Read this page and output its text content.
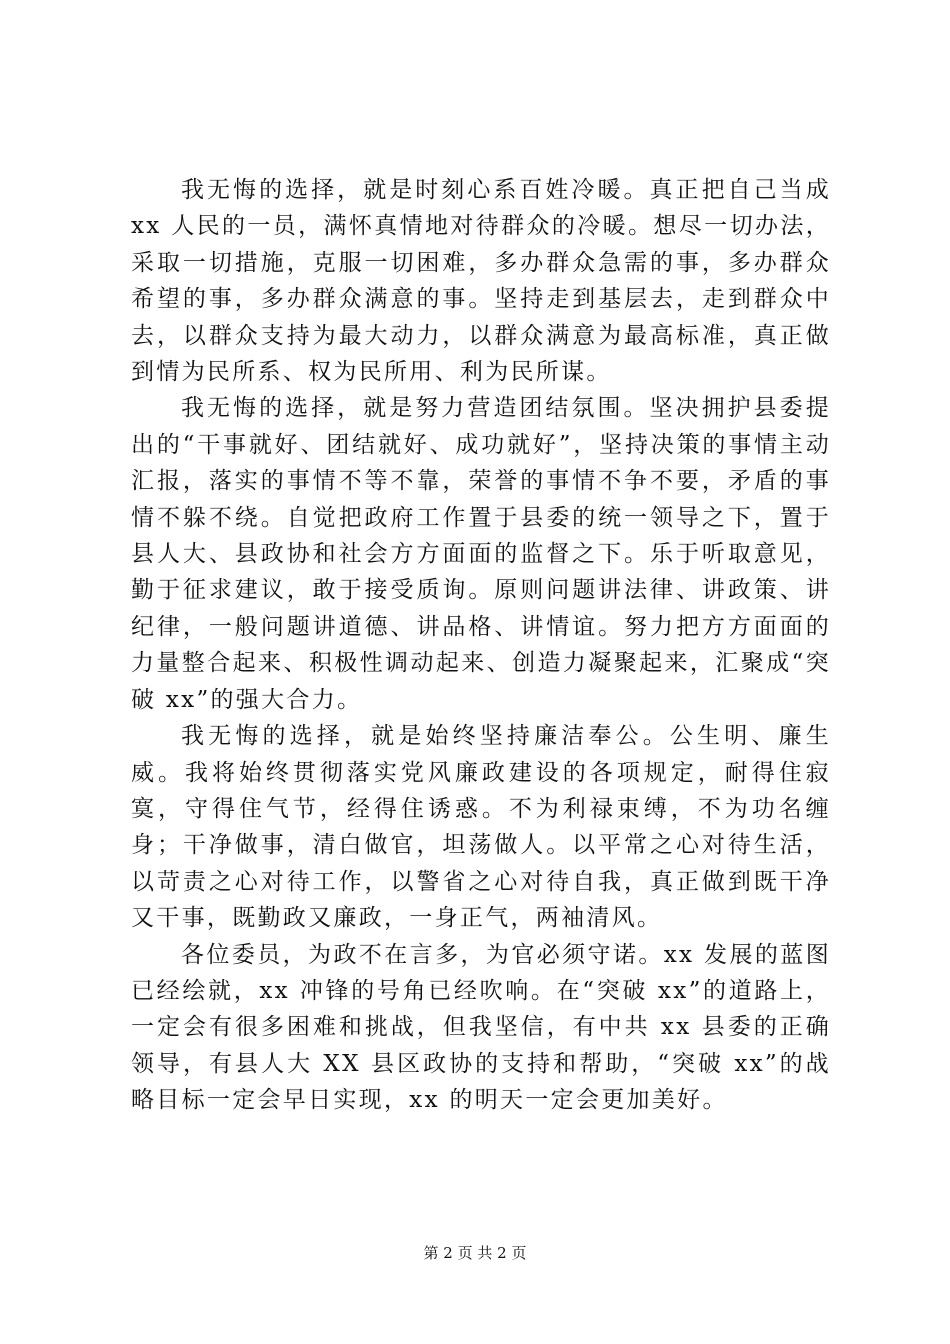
我无悔的选择，就是时刻心系百姓冷暖。真正把自己当成 xx 人民的一员，满怀真情地对待群众的冷暖。想尽一切办法，采取一切措施，克服一切困难，多办群众急需的事，多办群众希望的事，多办群众满意的事。坚持走到基层去，走到群众中去，以群众支持为最大动力，以群众满意为最高标准，真正做到情为民所系、权为民所用、利为民所谋。

我无悔的选择，就是努力营造团结氛围。坚决拥护县委提出的“干事就好、团结就好、成功就好”，坚持决策的事情主动汇报，落实的事情不等不靠，荣誉的事情不争不要，矛盾的事情不躲不绕。自觉把政府工作置于县委的统一领导之下，置于县人大、县政协和社会方方面面的监督之下。乐于听取意见，勤于征求建议，敢于接受质询。原则问题讲法律、讲政策、讲纪律，一般问题讲道德、讲品格、讲情谊。努力把方方面面的力量整合起来、积极性调动起来、创造力凝聚起来，汇聚成“突破 xx”的强大合力。

我无悔的选择，就是始终坚持廉洁奉公。公生明、廉生威。我将始终贯彻落实党风廉政建设的各项规定，耐得住寂寞，守得住气节，经得住诱惑。不为利禄束缚，不为功名缠身；干净做事，清白做官，坦荡做人。以平常之心对待生活，以苛责之心对待工作，以警省之心对待自我，真正做到既干净又干事，既勤政又廉政，一身正气，两袖清风。

各位委员，为政不在言多，为官必须守诺。xx 发展的蓝图已经绘就，xx 冲锋的号角已经吹响。在“突破 xx”的道路上，一定会有很多困难和挑战，但我坚信，有中共 xx 县委的正确领导，有县人大 XX 县区政协的支持和帮助，“突破 xx”的战略目标一定会早日实现，xx 的明天一定会更加美好。

第 2 页 共 2 页
